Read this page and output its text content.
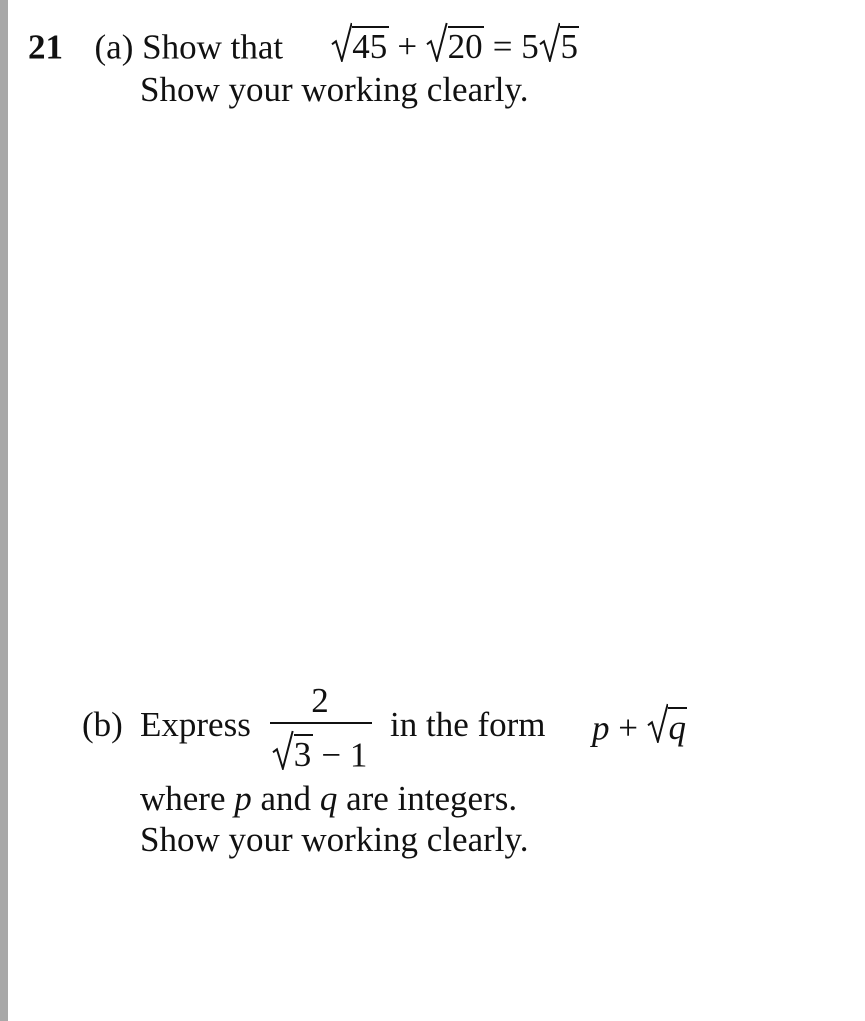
21 (a) Show that 45 + 20 = 5 5
Show your working clearly.
(b) Express
2
3 − 1
in the form p + q
where p and q are integers.
Show your working clearly.
